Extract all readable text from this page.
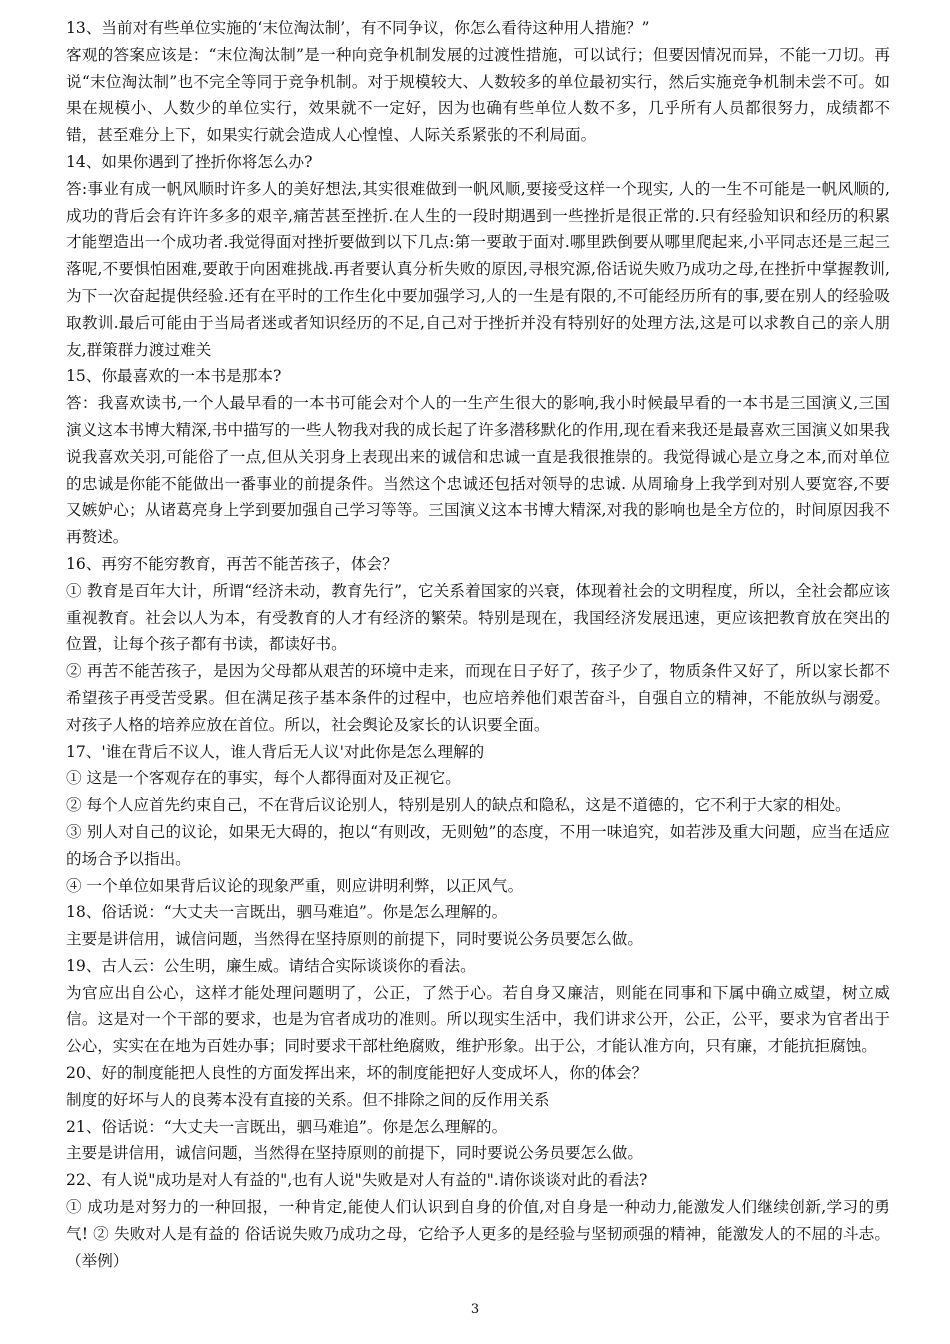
13、当前对有些单位实施的‘末位淘汰制’，有不同争议，你怎么看待这种用人措施？”

客观的答案应该是：“末位淘汰制”是一种向竞争机制发展的过渡性措施，可以试行；但要因情况而异，不能一刀切。再说“末位淘汰制”也不完全等同于竞争机制。对于规模较大、人数较多的单位最初实行，然后实施竞争机制未尝不可。如果在规模小、人数少的单位实行，效果就不一定好，因为也确有些单位人数不多，几乎所有人员都很努力，成绩都不错，甚至难分上下，如果实行就会造成人心惶惶、人际关系紧张的不利局面。

14、如果你遇到了挫折你将怎么办?

答:事业有成一帆风顺时许多人的美好想法,其实很难做到一帆风顺,要接受这样一个现实, 人的一生不可能是一帆风顺的,成功的背后会有许许多多的艰辛,痛苦甚至挫折.在人生的一段时期遇到一些挫折是很正常的.只有经验知识和经历的积累才能塑造出一个成功者.我觉得面对挫折要做到以下几点:第一要敢于面对.哪里跌倒要从哪里爬起来,小平同志还是三起三落呢,不要惧怕困难,要敢于向困难挑战.再者要认真分析失败的原因,寻根究源,俗话说失败乃成功之母,在挫折中掌握教训,为下一次奋起提供经验.还有在平时的工作生化中要加强学习,人的一生是有限的,不可能经历所有的事,要在别人的经验吸取教训.最后可能由于当局者迷或者知识经历的不足,自己对于挫折并没有特别好的处理方法,这是可以求教自己的亲人朋友,群策群力渡过难关

15、你最喜欢的一本书是那本?

答：我喜欢读书,一个人最早看的一本书可能会对个人的一生产生很大的影响,我小时候最早看的一本书是三国演义,三国演义这本书博大精深,书中描写的一些人物我对我的成长起了许多潜移默化的作用,现在看来我还是最喜欢三国演义如果我说我喜欢关羽,可能俗了一点,但从关羽身上表现出来的诚信和忠诚一直是我很推崇的。我觉得诚心是立身之本,而对单位的忠诚是你能不能做出一番事业的前提条件。当然这个忠诚还包括对领导的忠诚. 从周瑜身上我学到对别人要宽容,不要又嫉妒心；从诸葛亮身上学到要加强自己学习等等。三国演义这本书博大精深,对我的影响也是全方位的，时间原因我不再赘述。

16、再穷不能穷教育，再苦不能苦孩子，体会？

① 教育是百年大计，所谓“经济未动，教育先行”，它关系着国家的兴衰，体现着社会的文明程度，所以，全社会都应该重视教育。社会以人为本，有受教育的人才有经济的繁荣。特别是现在，我国经济发展迅速，更应该把教育放在突出的位置，让每个孩子都有书读，都读好书。

② 再苦不能苦孩子，是因为父母都从艰苦的环境中走来，而现在日子好了，孩子少了，物质条件又好了，所以家长都不希望孩子再受苦受累。但在满足孩子基本条件的过程中，也应培养他们艰苦奋斗，自强自立的精神，不能放纵与溺爱。对孩子人格的培养应放在首位。所以，社会舆论及家长的认识要全面。

17、'谁在背后不议人，谁人背后无人议'对此你是怎么理解的

① 这是一个客观存在的事实，每个人都得面对及正视它。

② 每个人应首先约束自己，不在背后议论别人，特别是别人的缺点和隐私，这是不道德的，它不利于大家的相处。

③ 别人对自己的议论，如果无大碍的，抱以“有则改，无则勉”的态度，不用一味追究，如若涉及重大问题，应当在适应的场合予以指出。

④ 一个单位如果背后议论的现象严重，则应讲明利弊，以正风气。

18、俗话说：“大丈夫一言既出，驷马难追”。你是怎么理解的。

主要是讲信用，诚信问题，当然得在坚持原则的前提下，同时要说公务员要怎么做。

19、古人云：公生明，廉生威。请结合实际谈谈你的看法。

为官应出自公心，这样才能处理问题明了，公正，了然于心。若自身又廉洁，则能在同事和下属中确立威望，树立威信。这是对一个干部的要求，也是为官者成功的准则。所以现实生活中，我们讲求公开，公正，公平，要求为官者出于公心，实实在在地为百姓办事；同时要求干部杜绝腐败，维护形象。出于公，才能认准方向，只有廉，才能抗拒腐蚀。

20、好的制度能把人良性的方面发挥出来，坏的制度能把好人变成坏人，你的体会？

制度的好坏与人的良莠本没有直接的关系。但不排除之间的反作用关系

21、俗话说：“大丈夫一言既出，驷马难追”。你是怎么理解的。

主要是讲信用，诚信问题，当然得在坚持原则的前提下，同时要说公务员要怎么做。

22、有人说"成功是对人有益的",也有人说"失败是对人有益的".请你谈谈对此的看法?

① 成功是对努力的一种回报，一种肯定,能使人们认识到自身的价值,对自身是一种动力,能激发人们继续创新,学习的勇气! ② 失败对人是有益的 俗话说失败乃成功之母，它给予人更多的是经验与坚韧顽强的精神，能激发人的不屈的斗志。（举例）

3
